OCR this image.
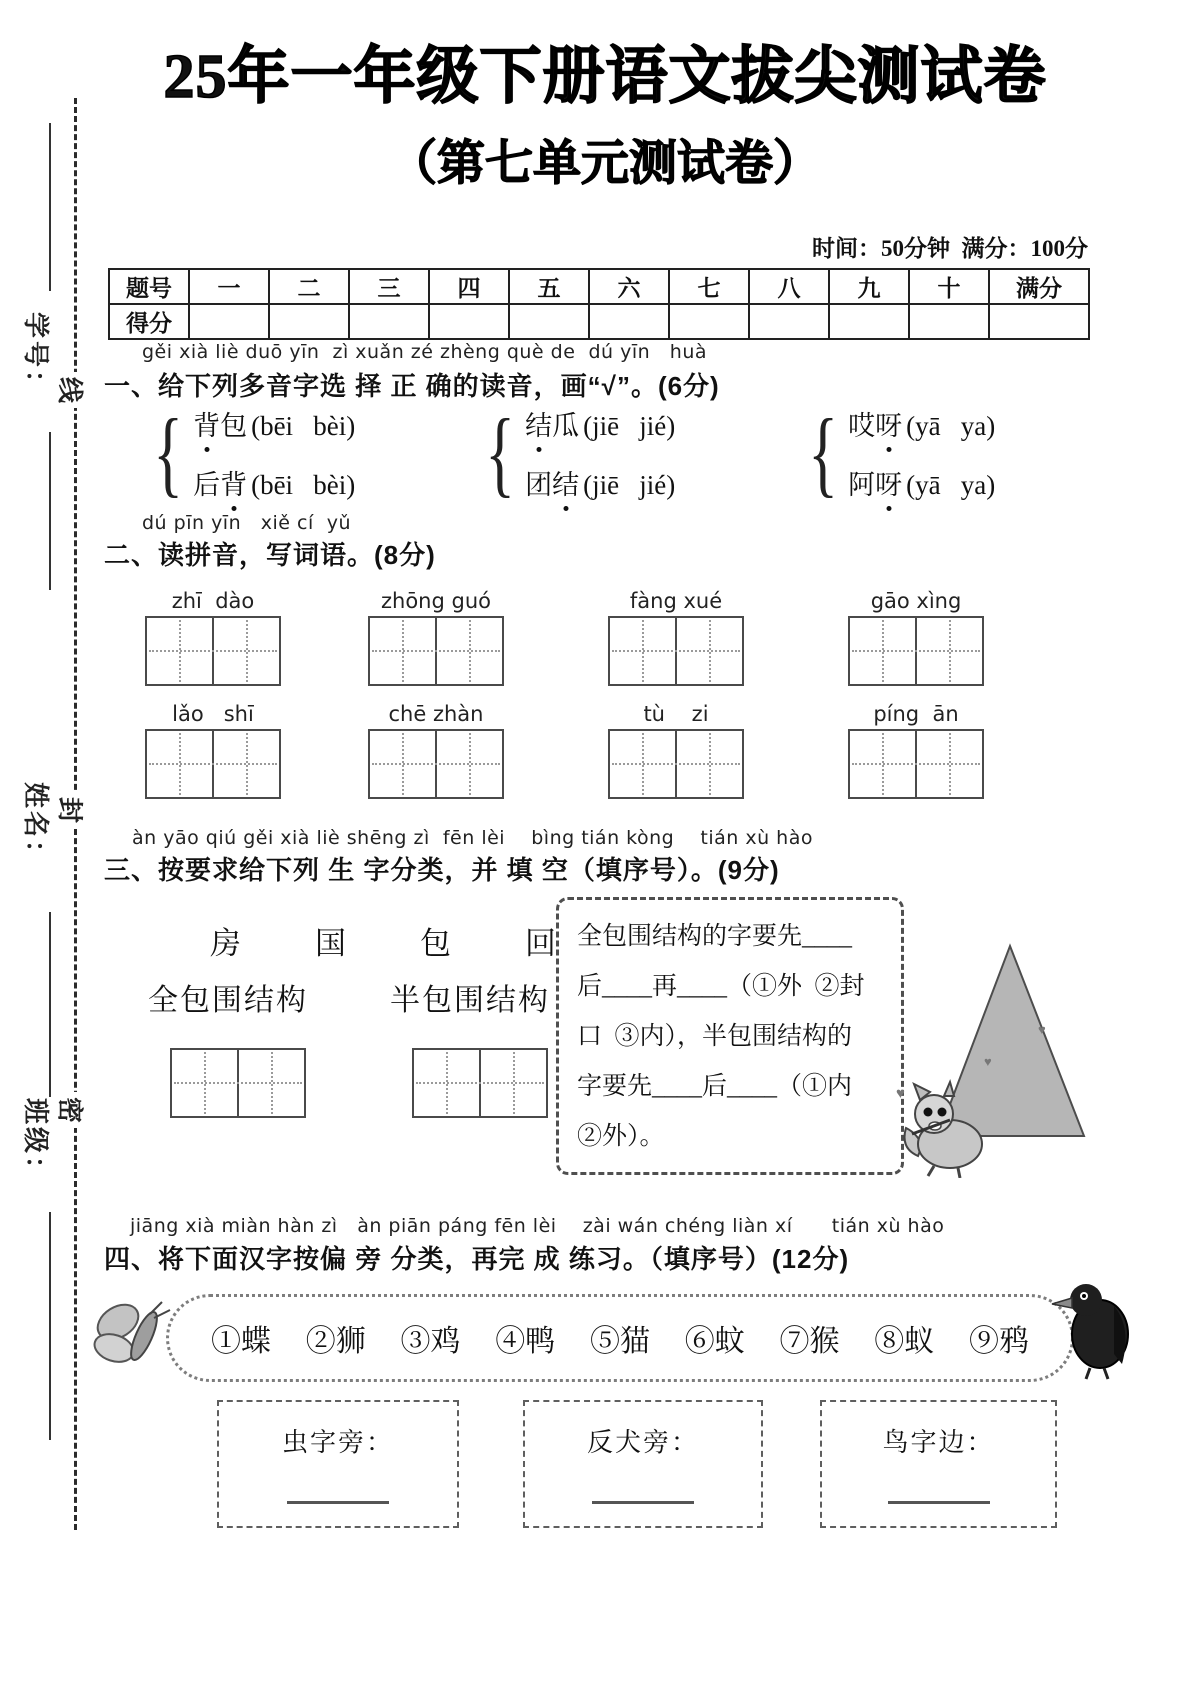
学号：
姓名：
班级：
线
封
密
25年一年级下册语文拔尖测试卷
（第七单元测试卷）
时间：50分钟  满分：100分
题号	一	二	三	四	五	六	七	八	九	十	满分
得分											
gěi xià liè duō yīn  zì xuǎn zé zhèng què de  dú yīn   huà
一、给下列多音字选 择 正 确的读音，画“√”。(6分)
{ 背包 (bēi   bèi)
后背 (bēi   bèi) { 结瓜 (jiē   jié)
团结 (jiē   jié) { 哎呀 (yā   ya)
阿呀 (yā   ya)
dú pīn yīn   xiě cí  yǔ
二、读拼音，写词语。(8分)
zhī  dào	zhōng guó	fàng xué	gāo xìng
lǎo   shī	chē zhàn	tù    zi	píng  ān
àn yāo qiú gěi xià liè shēng zì  fēn lèi    bìng tián kòng    tián xù hào
三、按要求给下列 生 字分类，并 填 空（填序号）。(9分)
房 国 包 回
全包围结构	半包围结构
全包围结构的字要先____
后____再____（①外  ②封
口  ③内），半包围结构的
字要先____后____（①内
②外）。
♥
♥
♥
jiāng xià miàn hàn zì   àn piān páng fēn lèi    zài wán chéng liàn xí      tián xù hào
四、将下面汉字按偏 旁 分类，再完 成 练习。（填序号）(12分)
①蝶 ②狮 ③鸡 ④鸭 ⑤猫 ⑥蚊 ⑦猴 ⑧蚁 ⑨鸦
虫字旁：	反犬旁：	鸟字边：
